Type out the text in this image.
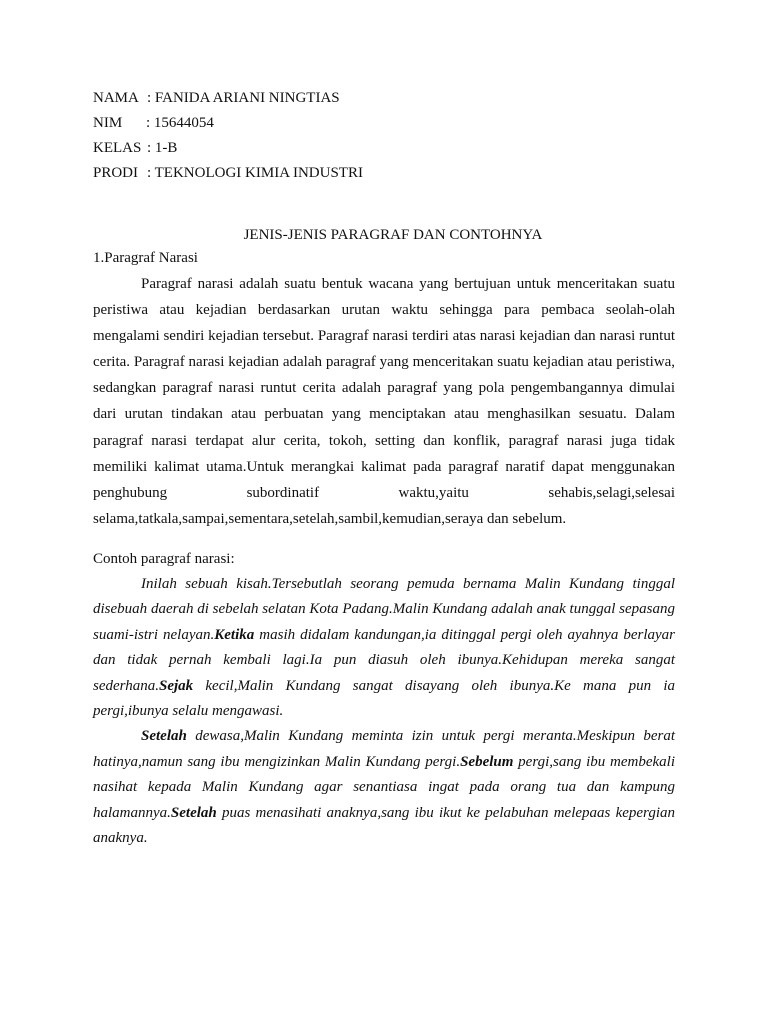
NAMA : FANIDA ARIANI NINGTIAS
NIM : 15644054
KELAS : 1-B
PRODI : TEKNOLOGI KIMIA INDUSTRI
JENIS-JENIS PARAGRAF DAN CONTOHNYA
1.Paragraf Narasi

Paragraf narasi adalah suatu bentuk wacana yang bertujuan untuk menceritakan suatu peristiwa atau kejadian berdasarkan urutan waktu sehingga para pembaca seolah-olah mengalami sendiri kejadian tersebut. Paragraf narasi terdiri atas narasi kejadian dan narasi runtut cerita. Paragraf narasi kejadian adalah paragraf yang menceritakan suatu kejadian atau peristiwa, sedangkan paragraf narasi runtut cerita adalah paragraf yang pola pengembangannya dimulai dari urutan tindakan atau perbuatan yang menciptakan atau menghasilkan sesuatu. Dalam paragraf narasi terdapat alur cerita, tokoh, setting dan konflik, paragraf narasi juga tidak memiliki kalimat utama.Untuk merangkai kalimat pada paragraf naratif dapat menggunakan penghubung subordinatif waktu,yaitu sehabis,selagi,selesai selama,tatkala,sampai,sementara,setelah,sambil,kemudian,seraya dan sebelum.

Contoh paragraf narasi:

Inilah sebuah kisah.Tersebutlah seorang pemuda bernama Malin Kundang tinggal disebuah daerah di sebelah selatan Kota Padang.Malin Kundang adalah anak tunggal sepasang suami-istri nelayan.Ketika masih didalam kandungan,ia ditinggal pergi oleh ayahnya berlayar dan tidak pernah kembali lagi.Ia pun diasuh oleh ibunya.Kehidupan mereka sangat sederhana.Sejak kecil,Malin Kundang sangat disayang oleh ibunya.Ke mana pun ia pergi,ibunya selalu mengawasi.

Setelah dewasa,Malin Kundang meminta izin untuk pergi meranta.Meskipun berat hatinya,namun sang ibu mengizinkan Malin Kundang pergi.Sebelum pergi,sang ibu membekali nasihat kepada Malin Kundang agar senantiasa ingat pada orang tua dan kampung halamannya.Setelah puas menasihati anaknya,sang ibu ikut ke pelabuhan melepaas kepergian anaknya.
